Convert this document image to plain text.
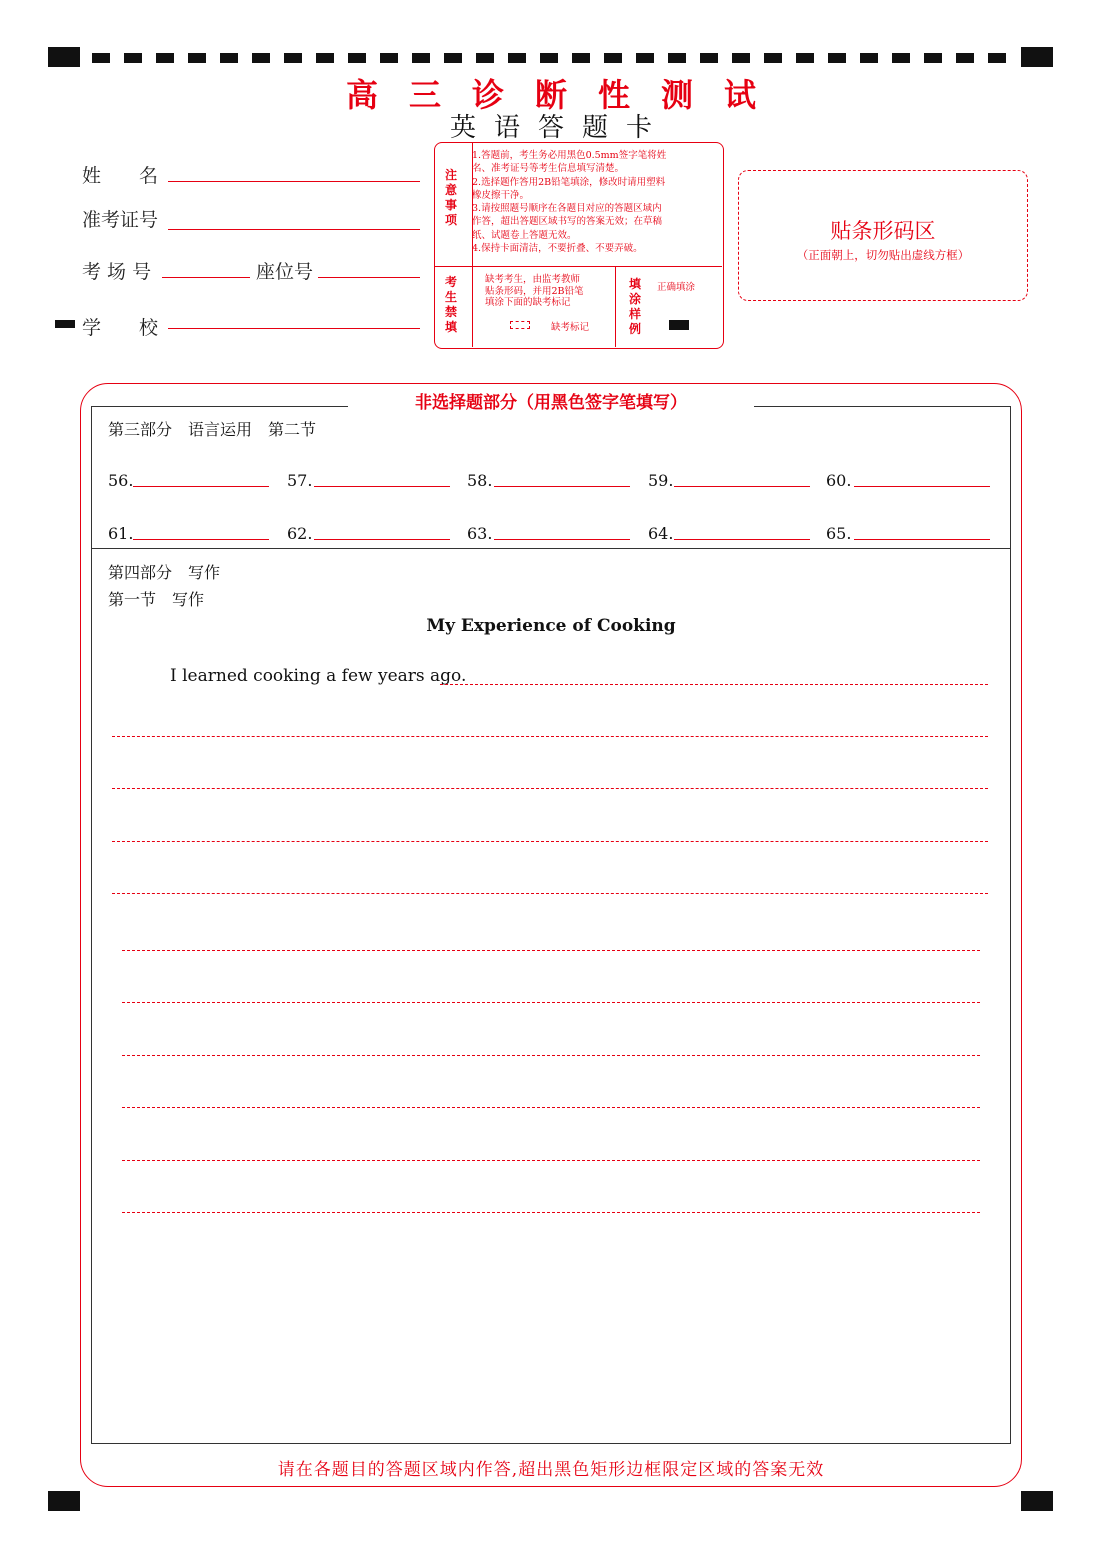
高三诊断性测试
英语答题卡
姓　　名
准考证号
考 场 号	座位号
学　　校
注意事项
1.答题前，考生务必用黑色0.5mm签字笔将姓
名、准考证号等考生信息填写清楚。
2.选择题作答用2B铅笔填涂，修改时请用塑料
橡皮擦干净。
3.请按照题号顺序在各题目对应的答题区域内
作答，超出答题区域书写的答案无效；在草稿
纸、试题卷上答题无效。
4.保持卡面清洁，不要折叠、不要弄破。
考生禁填
缺考考生，由监考教师
贴条形码，并用2B铅笔
填涂下面的缺考标记
缺考标记
填涂样例
正确填涂
贴条形码区
（正面朝上，切勿贴出虚线方框）
非选择题部分（用黑色签字笔填写）
第三部分　语言运用　第二节
56.	57.	58.	59.	60.
61.	62.	63.	64.	65.
第四部分　写作
第一节　写作
My Experience of Cooking
I learned cooking a few years ago.
请在各题目的答题区域内作答,超出黑色矩形边框限定区域的答案无效
